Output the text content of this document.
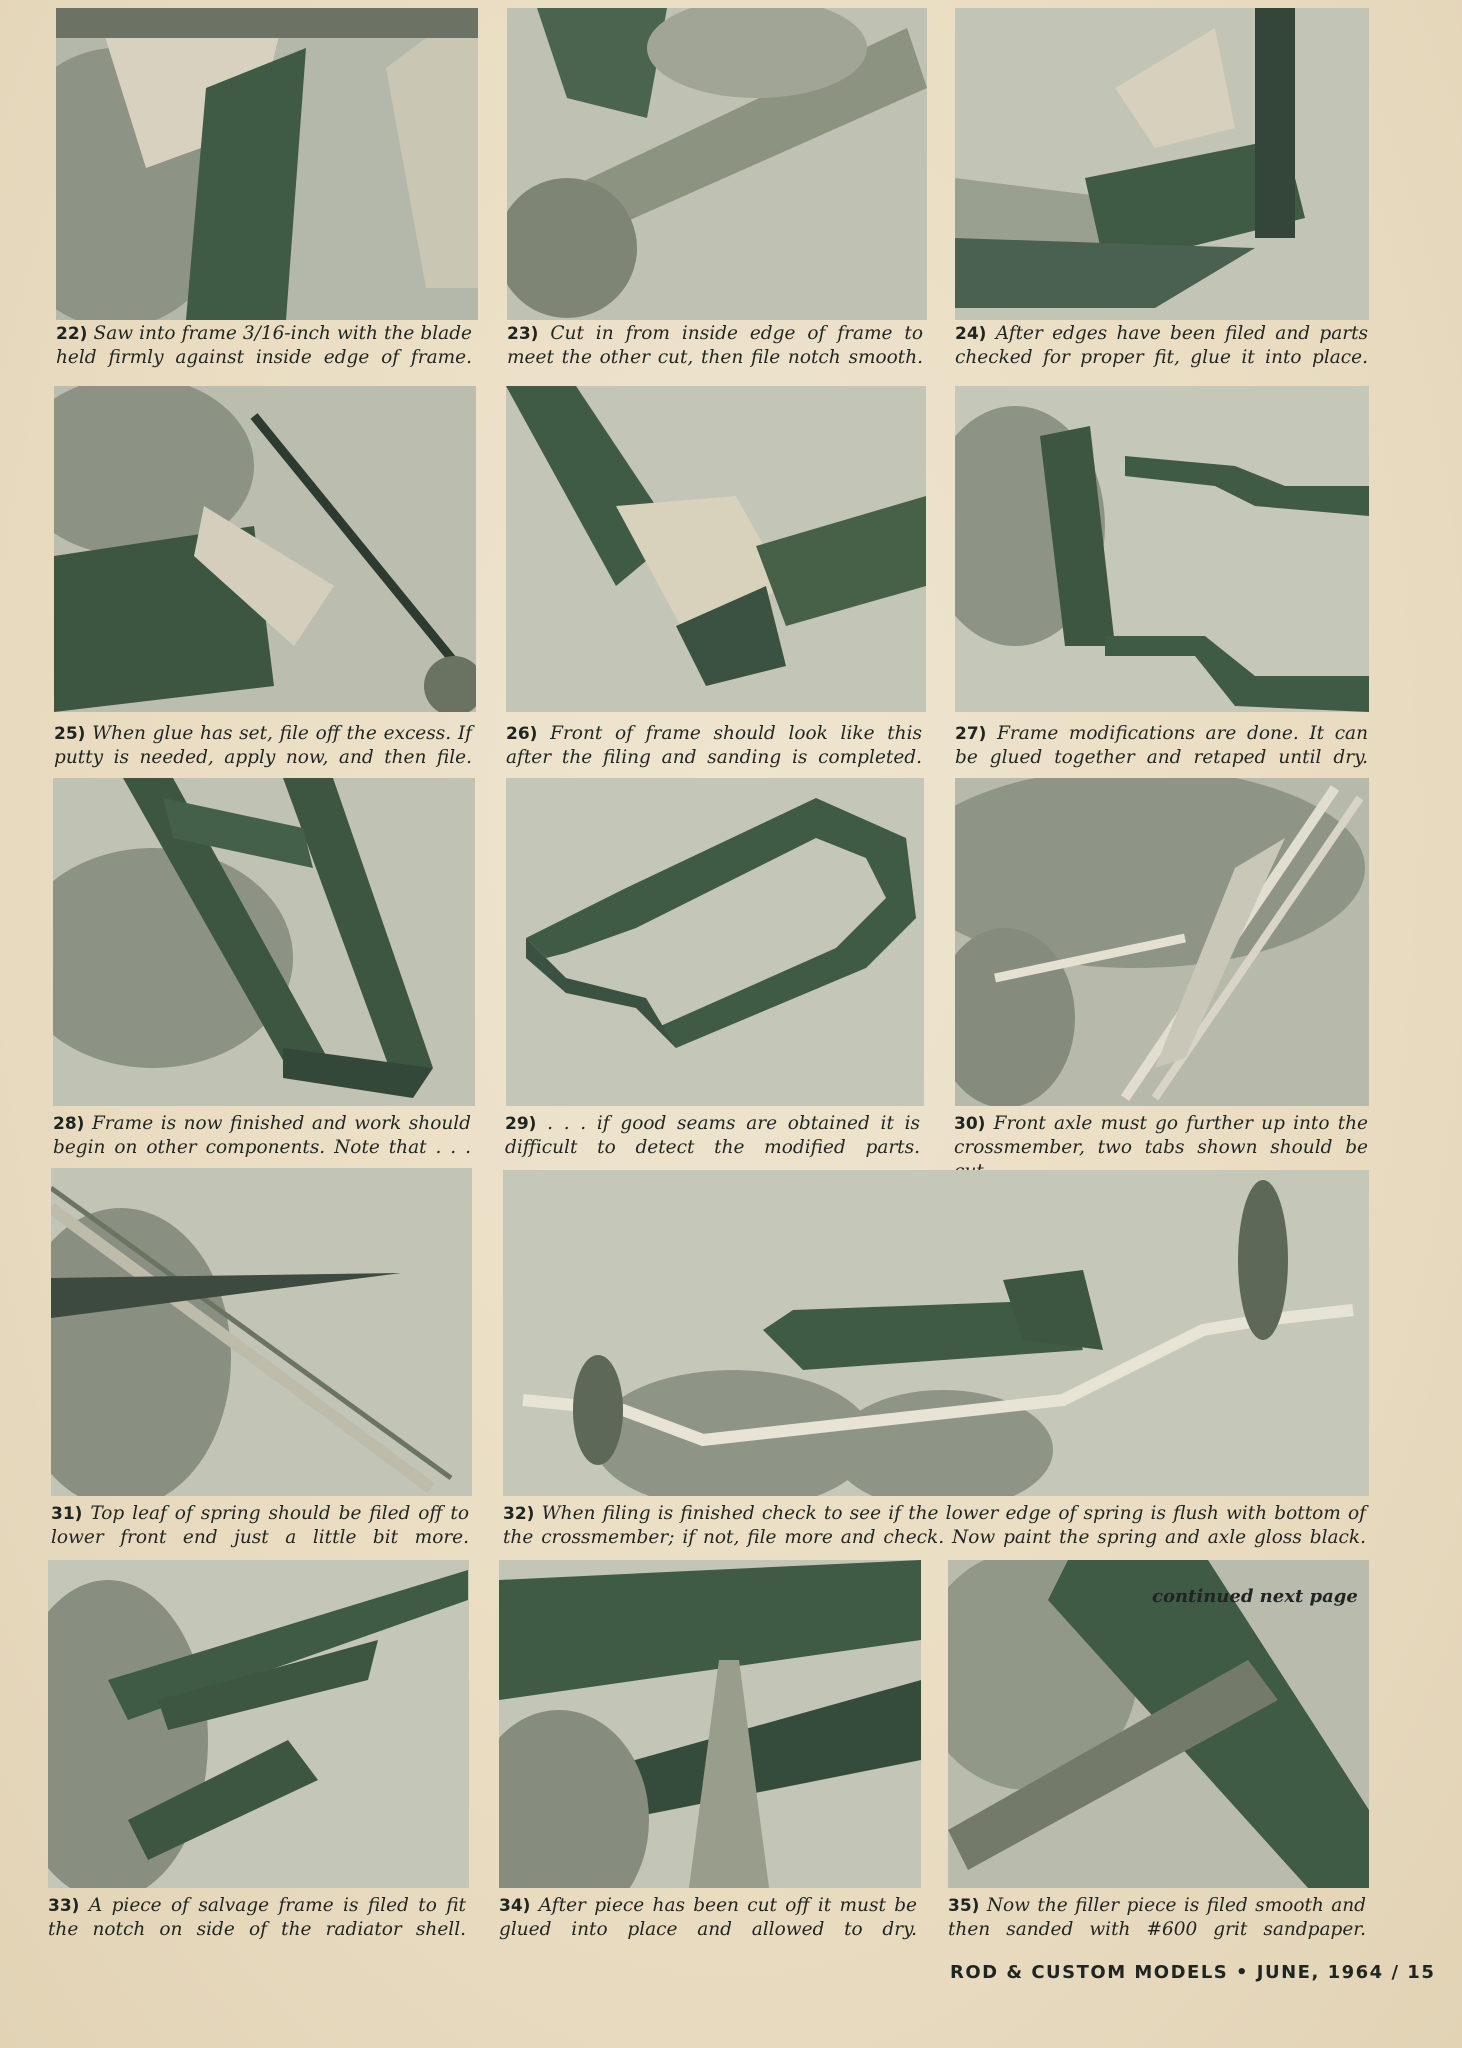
22) Saw into frame 3/16-inch with the blade held firmly against inside edge of frame.
23) Cut in from inside edge of frame to meet the other cut, then file notch smooth.
24) After edges have been filed and parts checked for proper fit, glue it into place.
25) When glue has set, file off the excess. If putty is needed, apply now, and then file.
26) Front of frame should look like this after the filing and sanding is completed.
27) Frame modifications are done. It can be glued together and retaped until dry.
28) Frame is now finished and work should begin on other components. Note that . . .
29) . . . if good seams are obtained it is difficult to detect the modified parts.
30) Front axle must go further up into the crossmember, two tabs shown should be
31) Top leaf of spring should be filed off to lower front end just a little bit more.
32) When filing is finished check to see if the lower edge of spring is flush with bottom of the crossmember; if not, file more and check. Now paint the spring and axle gloss black.
33) A piece of salvage frame is filed to fit the notch on side of the radiator shell.
34) After piece has been cut off it must be glued into place and allowed to dry.
35) Now the filler piece is filed smooth and then sanded with #600 grit sandpaper.
continued next page
ROD & CUSTOM MODELS • JUNE, 1964 / 15
